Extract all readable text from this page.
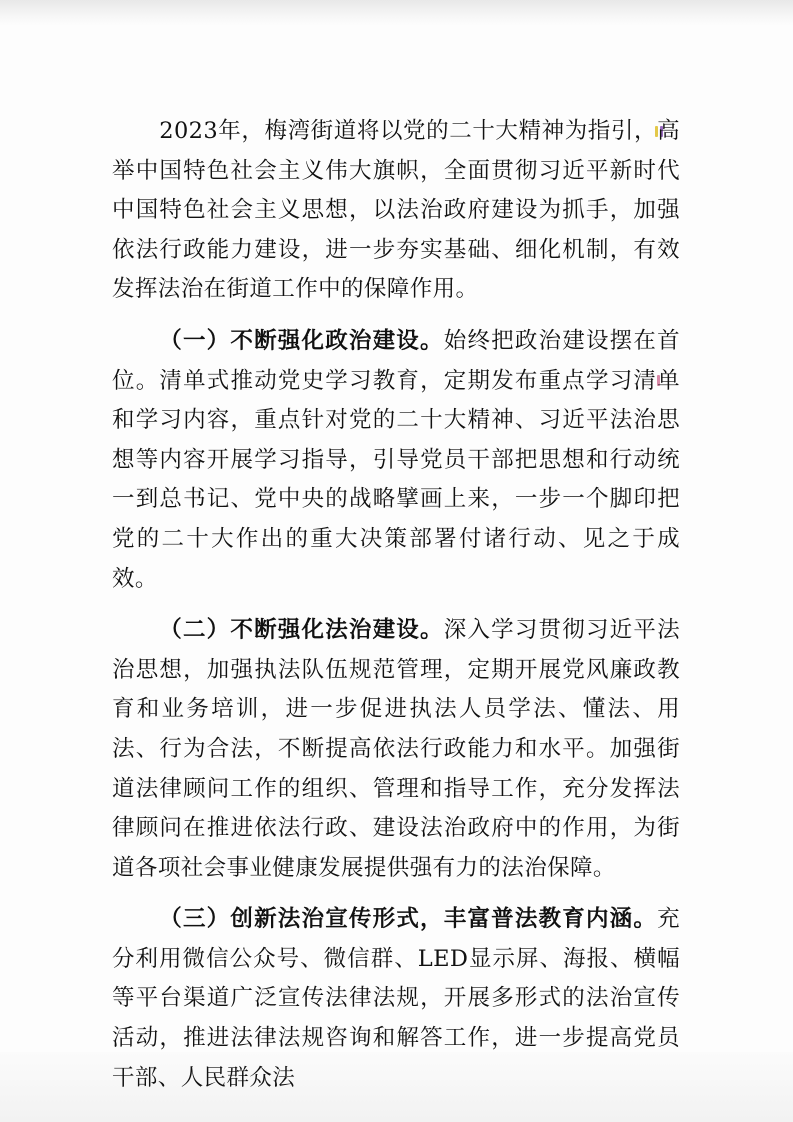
2023年，梅湾街道将以党的二十大精神为指引，高举中国特色社会主义伟大旗帜，全面贯彻习近平新时代中国特色社会主义思想，以法治政府建设为抓手，加强依法行政能力建设，进一步夯实基础、细化机制，有效发挥法治在街道工作中的保障作用。

（一）不断强化政治建设。始终把政治建设摆在首位。清单式推动党史学习教育，定期发布重点学习清单和学习内容，重点针对党的二十大精神、习近平法治思想等内容开展学习指导，引导党员干部把思想和行动统一到总书记、党中央的战略擘画上来，一步一个脚印把党的二十大作出的重大决策部署付诸行动、见之于成效。

（二）不断强化法治建设。深入学习贯彻习近平法治思想，加强执法队伍规范管理，定期开展党风廉政教育和业务培训，进一步促进执法人员学法、懂法、用法、行为合法，不断提高依法行政能力和水平。加强街道法律顾问工作的组织、管理和指导工作，充分发挥法律顾问在推进依法行政、建设法治政府中的作用，为街道各项社会事业健康发展提供强有力的法治保障。

（三）创新法治宣传形式，丰富普法教育内涵。充分利用微信公众号、微信群、LED显示屏、海报、横幅等平台渠道广泛宣传法律法规，开展多形式的法治宣传活动，推进法律法规咨询和解答工作，进一步提高党员干部、人民群众法
